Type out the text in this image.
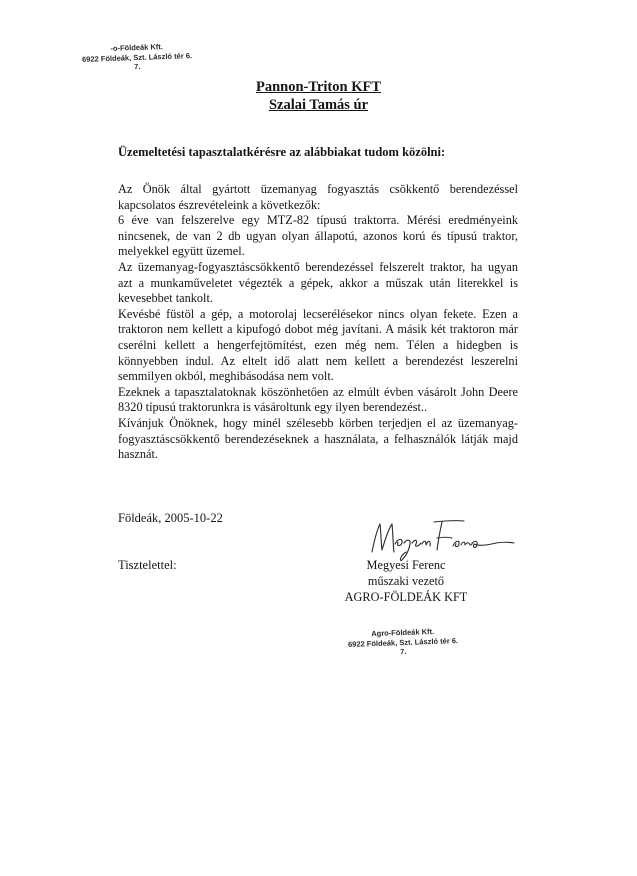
-o-Földeák Kft.
6922 Földeák, Szt. László tér 6.
7.
Pannon-Triton KFT
Szalai Tamás úr
Üzemeltetési tapasztalatkérésre az alábbiakat tudom közölni:

Az Önök által gyártott üzemanyag fogyasztás csökkentő berendezéssel kapcsolatos észrevételeink a következők:

6 éve van felszerelve egy MTZ-82 típusú traktorra. Mérési eredményeink nincsenek, de van 2 db ugyan olyan állapotú, azonos korú és típusú traktor, melyekkel együtt üzemel.

Az üzemanyag-fogyasztáscsökkentő berendezéssel felszerelt traktor, ha ugyan azt a munkaműveletet végezték a gépek, akkor a műszak után literekkel is kevesebbet tankolt.

Kevésbé füstöl a gép, a motorolaj lecserélésekor nincs olyan fekete. Ezen a traktoron nem kellett a kipufogó dobot még javítani. A másik két traktoron már cserélni kellett a hengerfejtömítést, ezen még nem. Télen a hidegben is könnyebben indul. Az eltelt idő alatt nem kellett a berendezést leszerelni semmilyen okból, meghibásodása nem volt.

Ezeknek a tapasztalatoknak köszönhetően az elmúlt évben vásárolt John Deere 8320 típusú traktorunkra is vásároltunk egy ilyen berendezést..

Kívánjuk Önöknek, hogy minél szélesebb körben terjedjen el az üzemanyag-fogyasztáscsökkentő berendezéseknek a használata, a felhasználók látják majd hasznát.

Földeák, 2005-10-22
Tisztelettel:	Megyesi Ferenc
műszaki vezető
AGRO-FÖLDEÁK KFT
Agro-Földeák Kft.
6922 Földeák, Szt. László tér 6.
7.
